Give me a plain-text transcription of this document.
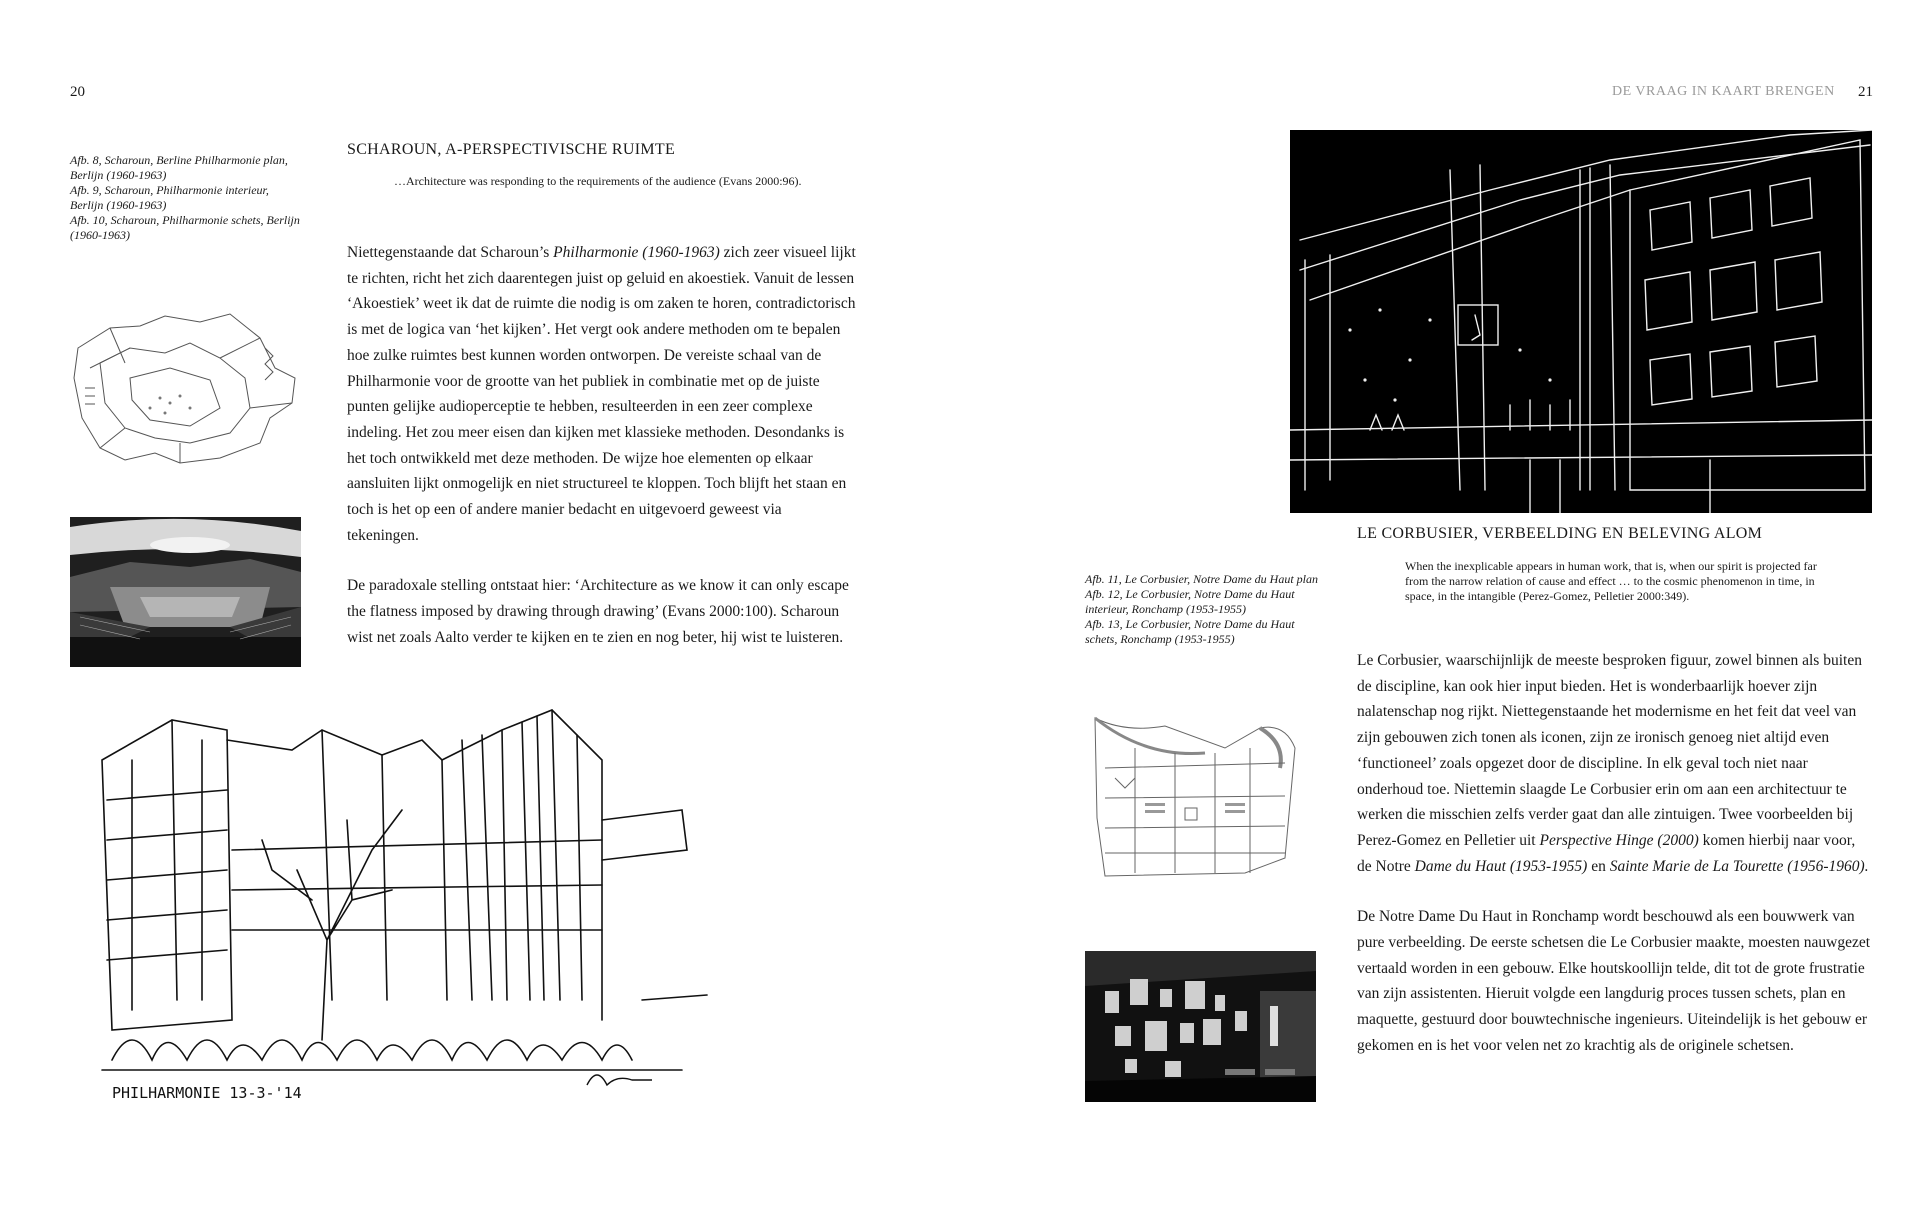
20
Afb. 8, Scharoun, Berline Philharmonie plan, Berlijn (1960-1963)
Afb. 9, Scharoun, Philharmonie interieur, Berlijn (1960-1963)
Afb. 10, Scharoun, Philharmonie schets, Berlijn (1960-1963)
PHILHARMONIE 13-3-'14
SCHAROUN, A-PERSPECTIVISCHE RUIMTE
…Architecture was responding to the requirements of the audience (Evans 2000:96).

Niettegenstaande dat Scharoun’s Philharmonie (1960-1963) zich zeer visueel lijkt te richten, richt het zich daarentegen juist op geluid en akoestiek. Vanuit de lessen ‘Akoestiek’ weet ik dat de ruimte die nodig is om zaken te horen, contradictorisch is met de logica van ‘het kijken’. Het vergt ook andere methoden om te bepalen hoe zulke ruimtes best kunnen worden ontworpen. De vereiste schaal van de Philharmonie voor de grootte van het publiek in combinatie met op de juiste punten gelijke audioperceptie te hebben, resulteerden in een zeer complexe indeling. Het zou meer eisen dan kijken met klassieke methoden. Desondanks is het toch ontwikkeld met deze methoden. De wijze hoe elementen op elkaar aansluiten lijkt onmogelijk en niet structureel te kloppen. Toch blijft het staan en toch is het op een of andere manier bedacht en uitgevoerd geweest via tekeningen.

De paradoxale stelling ontstaat hier: ‘Architecture as we know it can only escape the flatness imposed by drawing through drawing’ (Evans 2000:100). Scharoun wist net zoals Aalto verder te kijken en te zien en nog beter, hij wist te luisteren.

DE VRAAG IN KAART BRENGEN 21
LE CORBUSIER, VERBEELDING EN BELEVING ALOM
When the inexplicable appears in human work, that is, when our spirit is projected far from the narrow relation of cause and effect … to the cosmic phenomenon in time, in space, in the intangible (Perez-Gomez, Pelletier 2000:349).
Afb. 11, Le Corbusier, Notre Dame du Haut plan
Afb. 12, Le Corbusier, Notre Dame du Haut interieur, Ronchamp (1953-1955)
Afb. 13, Le Corbusier, Notre Dame du Haut schets, Ronchamp (1953-1955)

Le Corbusier, waarschijnlijk de meeste besproken figuur, zowel binnen als buiten de discipline, kan ook hier input bieden. Het is wonderbaarlijk hoever zijn nalatenschap nog rijkt. Niettegenstaande het modernisme en het feit dat veel van zijn gebouwen zich tonen als iconen, zijn ze ironisch genoeg niet altijd even ‘functioneel’ zoals opgezet door de discipline. In elk geval toch niet naar onderhoud toe. Niettemin slaagde Le Corbusier erin om aan een architectuur te werken die misschien zelfs verder gaat dan alle zintuigen. Twee voorbeelden bij Perez-Gomez en Pelletier uit Perspective Hinge (2000) komen hierbij naar voor, de Notre Dame du Haut (1953-1955) en Sainte Marie de La Tourette (1956-1960).

De Notre Dame Du Haut in Ronchamp wordt beschouwd als een bouwwerk van pure verbeelding. De eerste schetsen die Le Corbusier maakte, moesten nauwgezet vertaald worden in een gebouw. Elke houtskoollijn telde, dit tot de grote frustratie van zijn assistenten. Hieruit volgde een langdurig proces tussen schets, plan en maquette, gestuurd door bouwtechnische ingenieurs. Uiteindelijk is het gebouw er gekomen en is het voor velen net zo krachtig als de originele schetsen.
